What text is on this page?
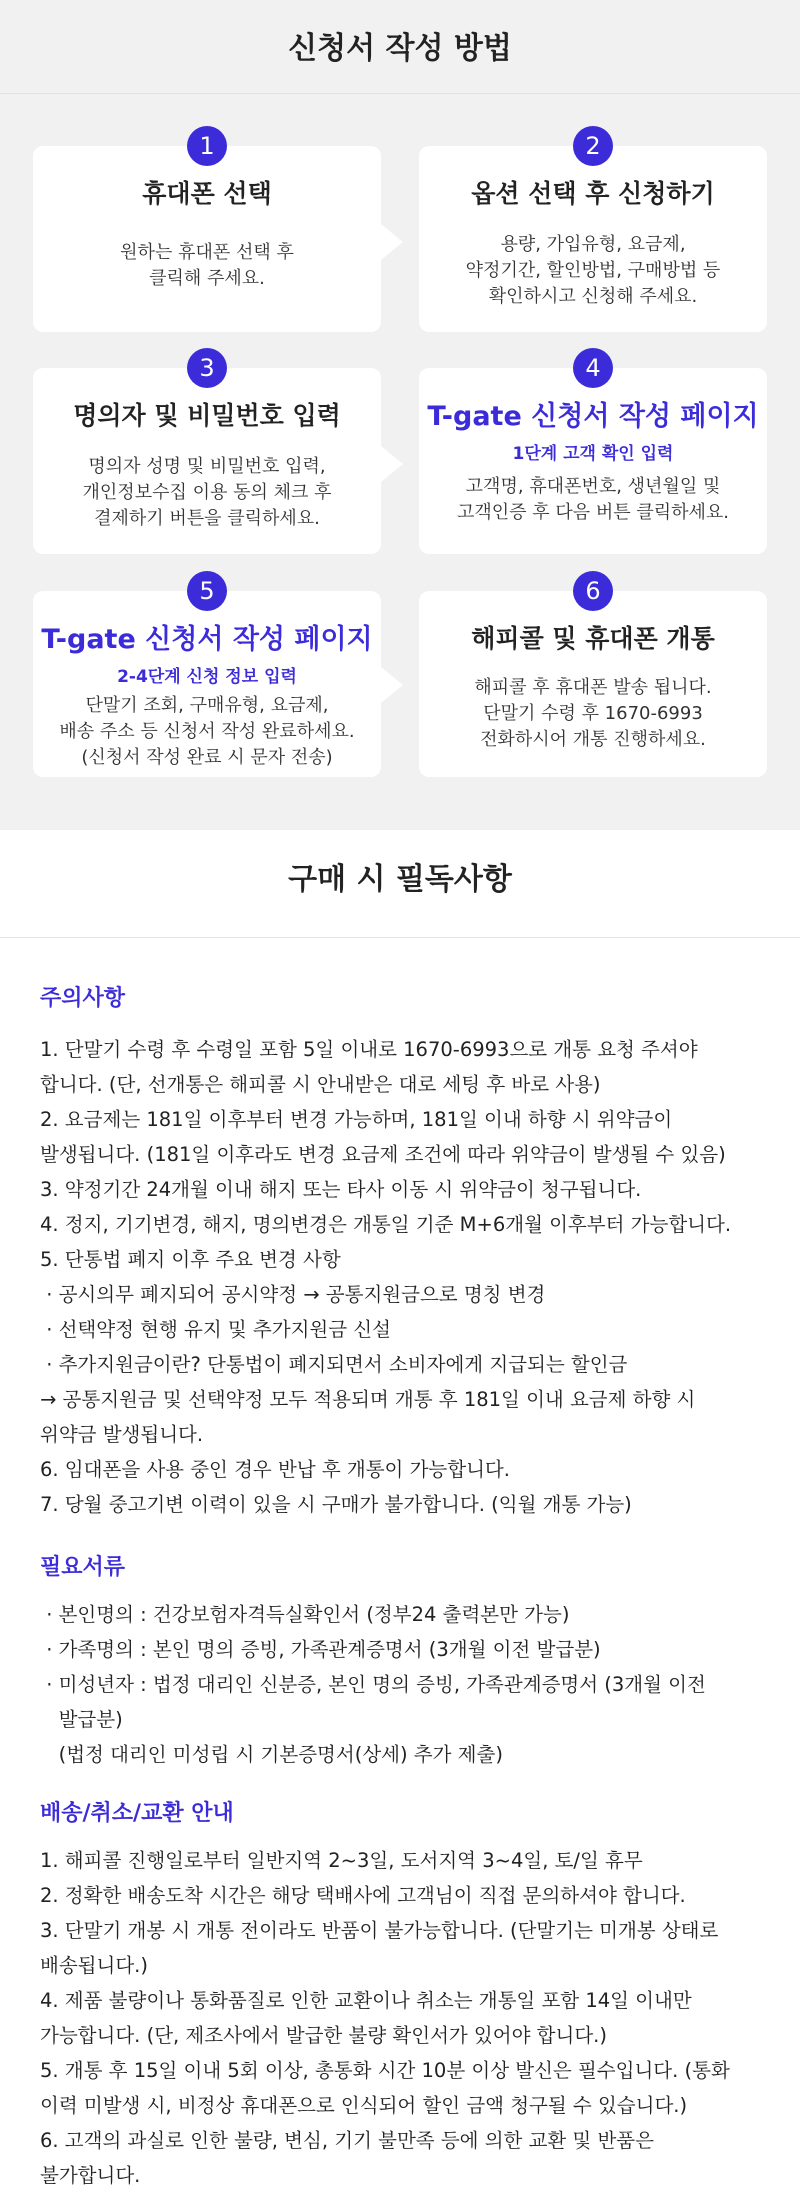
신청서 작성 방법
1
휴대폰 선택
원하는 휴대폰 선택 후
클릭해 주세요.
2
옵션 선택 후 신청하기
용량, 가입유형, 요금제,
약정기간, 할인방법, 구매방법 등
확인하시고 신청해 주세요.
3
명의자 및 비밀번호 입력
명의자 성명 및 비밀번호 입력,
개인정보수집 이용 동의 체크 후
결제하기 버튼을 클릭하세요.
4
T-gate 신청서 작성 페이지
1단계 고객 확인 입력
고객명, 휴대폰번호, 생년월일 및
고객인증 후 다음 버튼 클릭하세요.
5
T-gate 신청서 작성 페이지
2-4단계 신청 정보 입력
단말기 조회, 구매유형, 요금제,
배송 주소 등 신청서 작성 완료하세요.
(신청서 작성 완료 시 문자 전송)
6
해피콜 및 휴대폰 개통
해피콜 후 휴대폰 발송 됩니다.
단말기 수령 후 1670-6993
전화하시어 개통 진행하세요.
구매 시 필독사항
주의사항
1. 단말기 수령 후 수령일 포함 5일 이내로 1670-6993으로 개통 요청 주셔야
합니다. (단, 선개통은 해피콜 시 안내받은 대로 세팅 후 바로 사용)
2. 요금제는 181일 이후부터 변경 가능하며, 181일 이내 하향 시 위약금이
발생됩니다. (181일 이후라도 변경 요금제 조건에 따라 위약금이 발생될 수 있음)
3. 약정기간 24개월 이내 해지 또는 타사 이동 시 위약금이 청구됩니다.
4. 정지, 기기변경, 해지, 명의변경은 개통일 기준 M+6개월 이후부터 가능합니다.
5. 단통법 폐지 이후 주요 변경 사항
· 공시의무 폐지되어 공시약정 → 공통지원금으로 명칭 변경
· 선택약정 현행 유지 및 추가지원금 신설
· 추가지원금이란? 단통법이 폐지되면서 소비자에게 지급되는 할인금
→ 공통지원금 및 선택약정 모두 적용되며 개통 후 181일 이내 요금제 하향 시
위약금 발생됩니다.
6. 임대폰을 사용 중인 경우 반납 후 개통이 가능합니다.
7. 당월 중고기변 이력이 있을 시 구매가 불가합니다. (익월 개통 가능)
필요서류
· 본인명의 : 건강보험자격득실확인서 (정부24 출력본만 가능)
· 가족명의 : 본인 명의 증빙, 가족관계증명서 (3개월 이전 발급분)
· 미성년자 : 법정 대리인 신분증, 본인 명의 증빙, 가족관계증명서 (3개월 이전
발급분)
(법정 대리인 미성립 시 기본증명서(상세) 추가 제출)
배송/취소/교환 안내
1. 해피콜 진행일로부터 일반지역 2~3일, 도서지역 3~4일, 토/일 휴무
2. 정확한 배송도착 시간은 해당 택배사에 고객님이 직접 문의하셔야 합니다.
3. 단말기 개봉 시 개통 전이라도 반품이 불가능합니다. (단말기는 미개봉 상태로
배송됩니다.)
4. 제품 불량이나 통화품질로 인한 교환이나 취소는 개통일 포함 14일 이내만
가능합니다. (단, 제조사에서 발급한 불량 확인서가 있어야 합니다.)
5. 개통 후 15일 이내 5회 이상, 총통화 시간 10분 이상 발신은 필수입니다. (통화
이력 미발생 시, 비정상 휴대폰으로 인식되어 할인 금액 청구될 수 있습니다.)
6. 고객의 과실로 인한 불량, 변심, 기기 불만족 등에 의한 교환 및 반품은
불가합니다.
